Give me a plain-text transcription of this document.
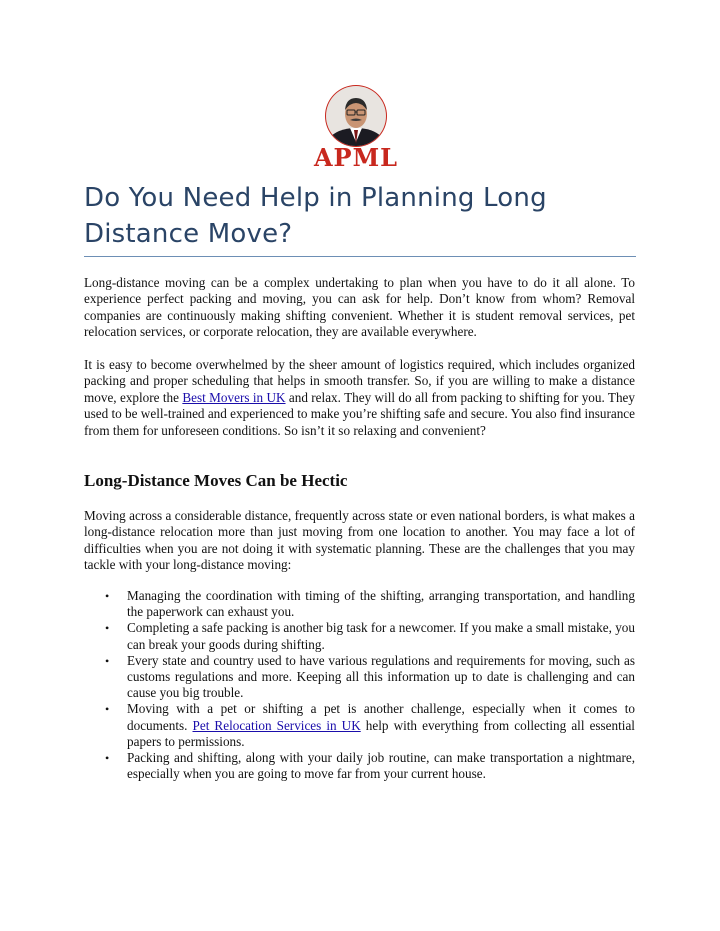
APML
Do You Need Help in Planning Long Distance Move?

Long-distance moving can be a complex undertaking to plan when you have to do it all alone. To experience perfect packing and moving, you can ask for help. Don’t know from whom? Removal companies are continuously making shifting convenient. Whether it is student removal services, pet relocation services, or corporate relocation, they are available everywhere.

It is easy to become overwhelmed by the sheer amount of logistics required, which includes organized packing and proper scheduling that helps in smooth transfer. So, if you are willing to make a distance move, explore the Best Movers in UK and relax. They will do all from packing to shifting for you. They used to be well-trained and experienced to make you’re shifting safe and secure. You also find insurance from them for unforeseen conditions. So isn’t it so relaxing and convenient?

Long-Distance Moves Can be Hectic

Moving across a considerable distance, frequently across state or even national borders, is what makes a long-distance relocation more than just moving from one location to another. You may face a lot of difficulties when you are not doing it with systematic planning. These are the challenges that you may tackle with your long-distance moving:

• Managing the coordination with timing of the shifting, arranging transportation, and handling the paperwork can exhaust you.
• Completing a safe packing is another big task for a newcomer. If you make a small mistake, you can break your goods during shifting.
• Every state and country used to have various regulations and requirements for moving, such as customs regulations and more. Keeping all this information up to date is challenging and can cause you big trouble.
• Moving with a pet or shifting a pet is another challenge, especially when it comes to documents. Pet Relocation Services in UK help with everything from collecting all essential papers to permissions.
• Packing and shifting, along with your daily job routine, can make transportation a nightmare, especially when you are going to move far from your current house.
